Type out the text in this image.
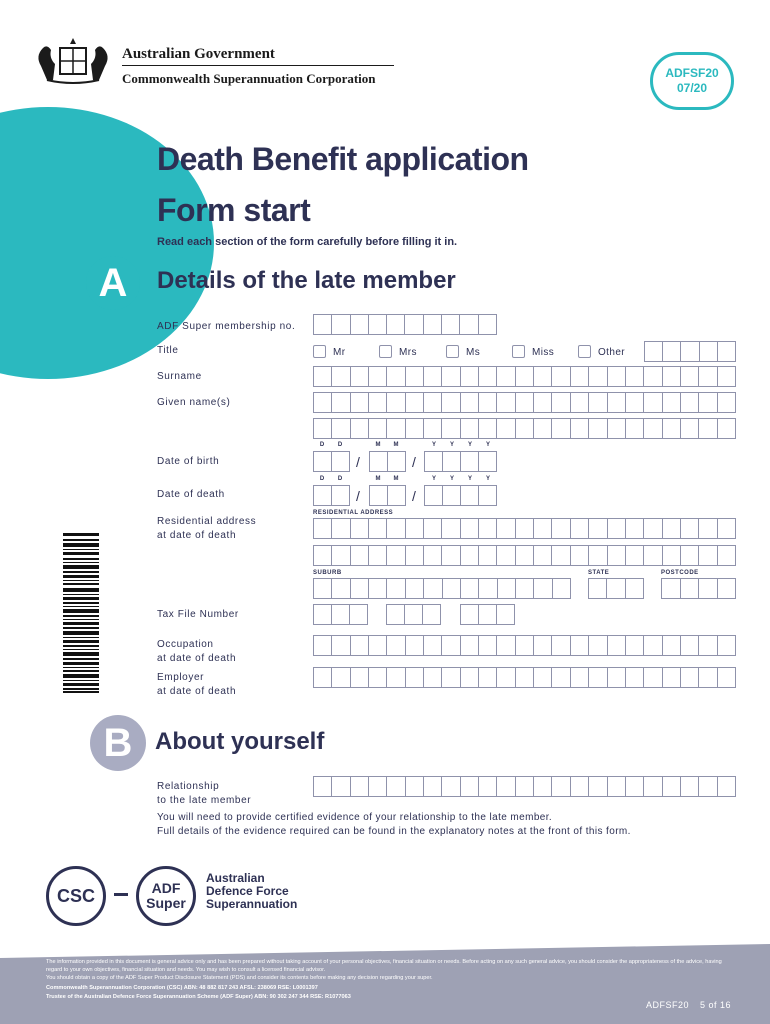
Australian Government
Commonwealth Superannuation Corporation	ADFSF20
07/20
Death Benefit application
Form start
Read each section of the form carefully before filling it in.
A Details of the late member
ADF Super membership no.
Title	Mr	Mrs	Ms	Miss	Other
Surname
Given name(s)
D	D	M	M	Y	Y	Y	Y
Date of birth	/	/
D	D	M	M	Y	Y	Y	Y
Date of death	/	/
Residential address
at date of death
RESIDENTIAL ADDRESS
SUBURB	STATE	POSTCODE
Tax File Number
Occupation
at date of death
Employer
at date of death
B About yourself
Relationship
to the late member
You will need to provide certified evidence of your relationship to the late member.
Full details of the evidence required can be found in the explanatory notes at the front of this form.
CSC	ADF
Super
Australian
Defence Force
Superannuation
The information provided in this document is general advice only and has been prepared without taking account of your personal objectives, financial situation or needs. Before acting on any such general advice, you should consider the appropriateness of the advice, having regard to your own objectives, financial situation and needs. You may wish to consult a licensed financial advisor.
You should obtain a copy of the ADF Super Product Disclosure Statement (PDS) and consider its contents before making any decision regarding your super.
Commonwealth Superannuation Corporation (CSC) ABN: 48 882 817 243 AFSL: 238069 RSE: L0001397
Trustee of the Australian Defence Force Superannuation Scheme (ADF Super) ABN: 90 302 247 344 RSE: R1077063
ADFSF20 5 of 16
